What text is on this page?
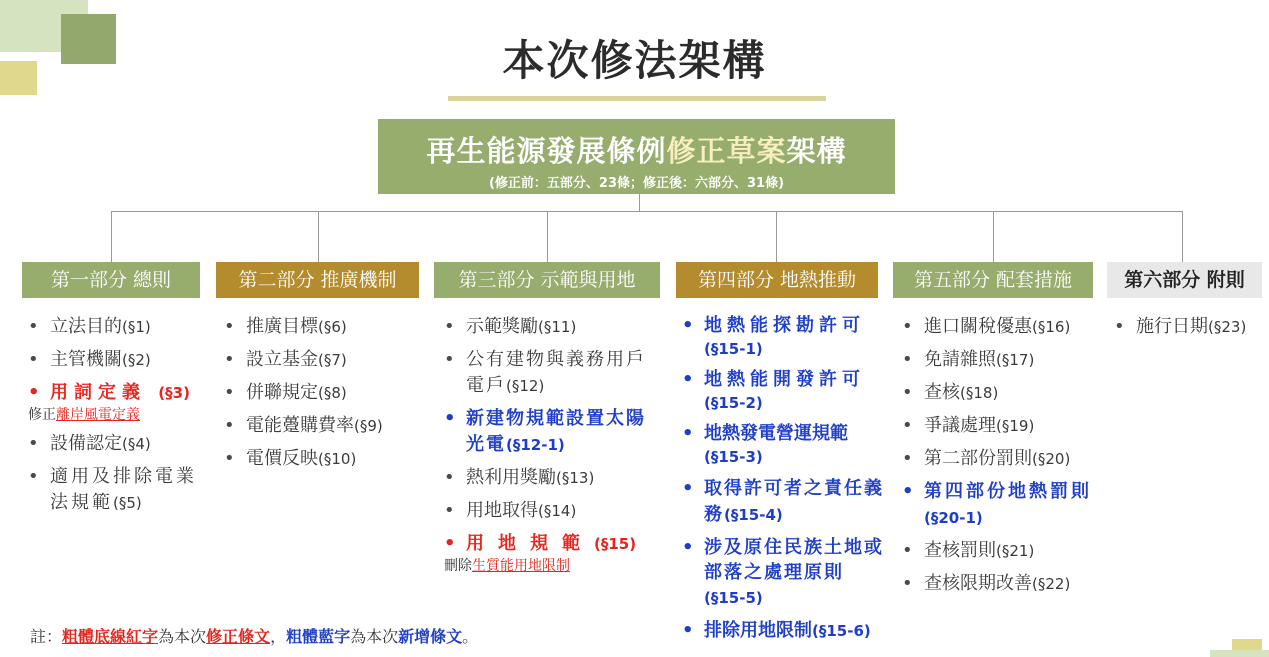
本次修法架構
再生能源發展條例修正草案架構
(修正前：五部分、23條；修正後：六部分、31條)
第一部分 總則	第二部分 推廣機制	第三部分 示範與用地	第四部分 地熱推動	第五部分 配套措施	第六部分 附則
• 立法目的(§1)
• 主管機關(§2)
• 用詞定義 (§3)
修正離岸風電定義
• 設備認定(§4)
• 適用及排除電業法規範(§5)
• 推廣目標(§6)
• 設立基金(§7)
• 併聯規定(§8)
• 電能躉購費率(§9)
• 電價反映(§10)
• 示範獎勵(§11)
• 公有建物與義務用戶電戶(§12)
• 新建物規範設置太陽光電(§12-1)
• 熱利用獎勵(§13)
• 用地取得(§14)
• 用地規範(§15)
刪除生質能用地限制
• 地熱能探勘許可
(§15-1)
• 地熱能開發許可
(§15-2)
• 地熱發電營運規範
(§15-3)
• 取得許可者之責任義務(§15-4)
• 涉及原住民族土地或部落之處理原則
(§15-5)
• 排除用地限制(§15-6)
• 進口關稅優惠(§16)
• 免請雜照(§17)
• 查核(§18)
• 爭議處理(§19)
• 第二部份罰則(§20)
• 第四部份地熱罰則(§20-1)
• 查核罰則(§21)
• 查核限期改善(§22)
• 施行日期(§23)
註：粗體底線紅字為本次修正條文，粗體藍字為本次新增條文。
